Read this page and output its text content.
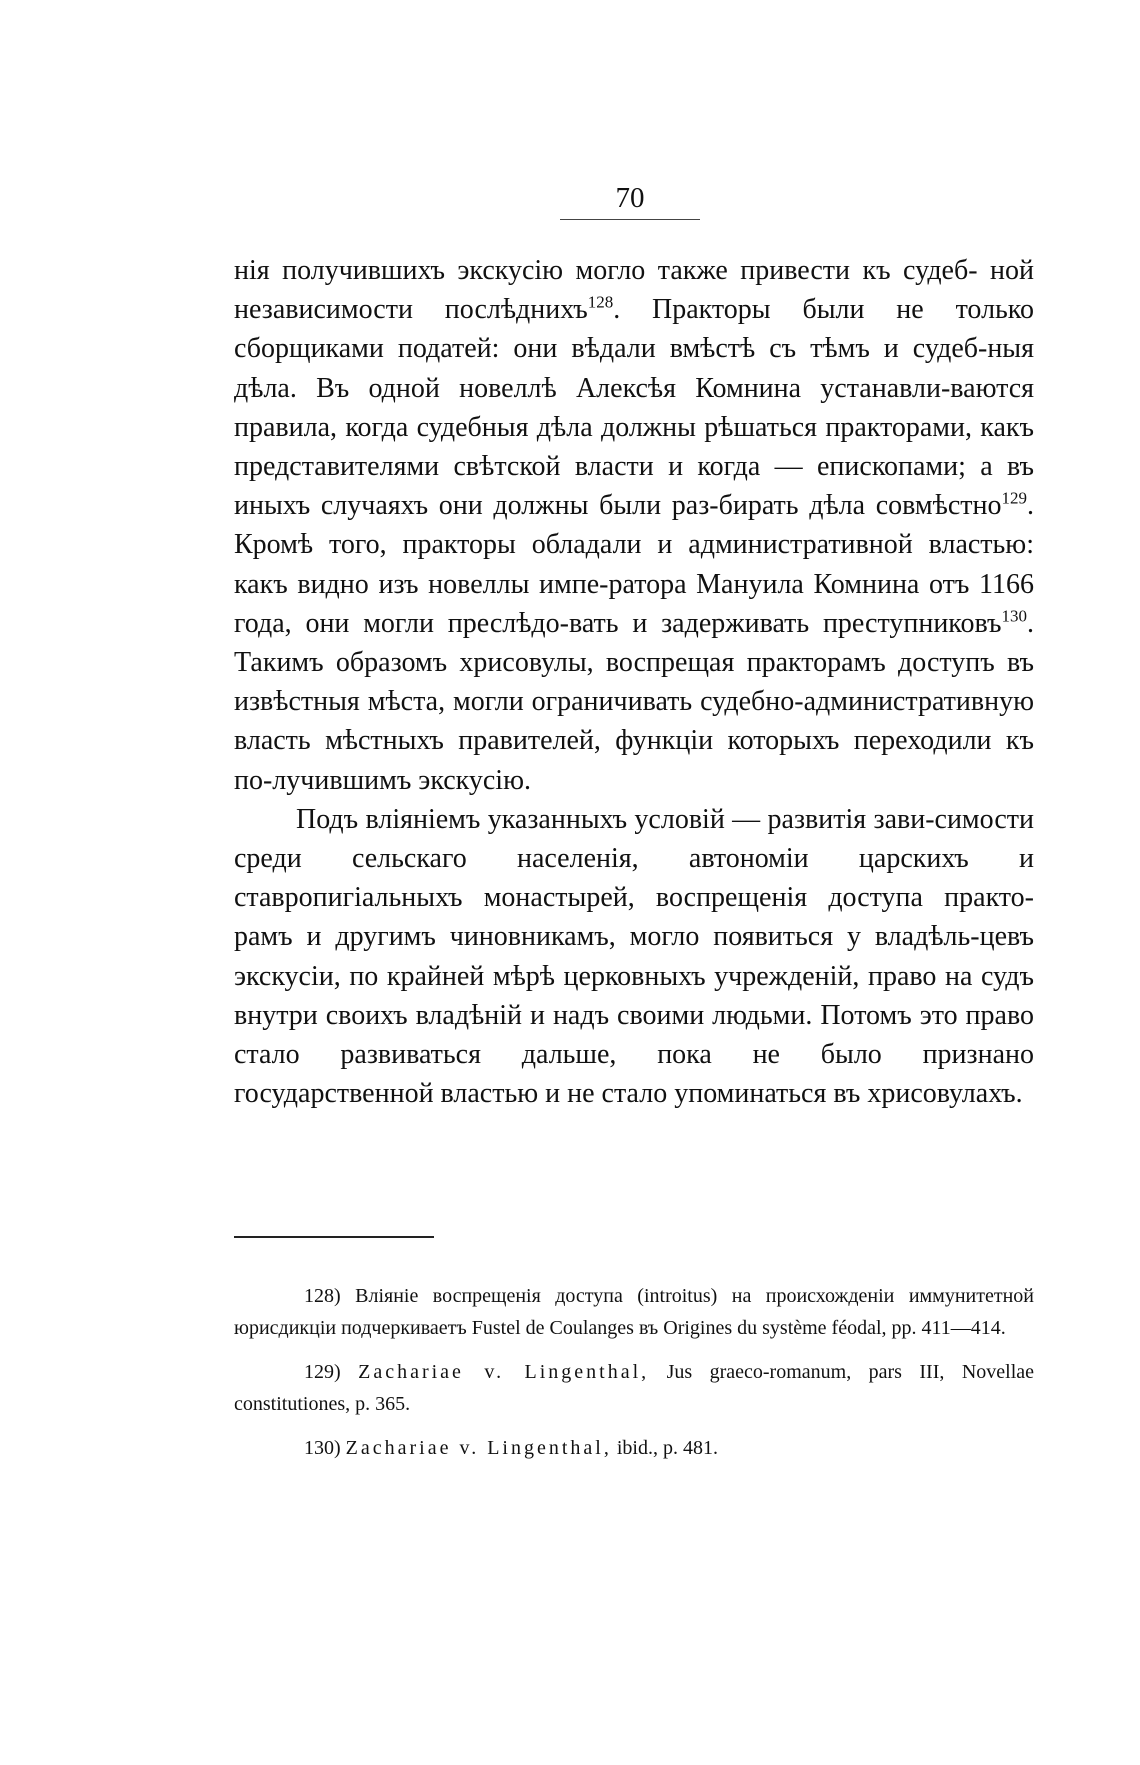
70

нія получившихъ экскусію могло также привести къ судеб- ной независимости послѣднихъ$^{128}$. Практоры были не только сборщиками податей: они вѣдали вмѣстѣ съ тѣмъ и судеб-ныя дѣла. Въ одной новеллѣ Алексѣя Комнина устанавли-ваются правила, когда судебныя дѣла должны рѣшаться практорами, какъ представителями свѣтской власти и когда — епископами; а въ иныхъ случаяхъ они должны были раз-бирать дѣла совмѣстно$^{129}$. Кромѣ того, практоры обладали и административной властью: какъ видно изъ новеллы импе-ратора Мануила Комнина отъ 1166 года, они могли преслѣдо-вать и задерживать преступниковъ$^{130}$. Такимъ образомъ хрисовулы, воспрещая практорамъ доступъ въ извѣстныя мѣста, могли ограничивать судебно-административную власть мѣстныхъ правителей, функціи которыхъ переходили къ по-лучившимъ экскусію.

Подъ вліяніемъ указанныхъ условій — развитія зави-симости среди сельскаго населенія, автономіи царскихъ и ставропигіальныхъ монастырей, воспрещенія доступа практо-рамъ и другимъ чиновникамъ, могло появиться у владѣль-цевъ экскусіи, по крайней мѣрѣ церковныхъ учрежденій, право на судъ внутри своихъ владѣній и надъ своими людьми. Потомъ это право стало развиваться дальше, пока не было признано государственной властью и не стало упоминаться въ хрисовулахъ.

128) Вліяніе воспрещенія доступа (introitus) на происхожденіи иммунитетной юрисдикціи подчеркиваетъ Fustel de Coulanges въ Origines du système féodal, pp. 411—414.

129) Zachariae v. Lingenthal, Jus graeco-romanum, pars III, Novellae constitutiones, p. 365.

130) Zachariae v. Lingenthal, ibid., p. 481.
